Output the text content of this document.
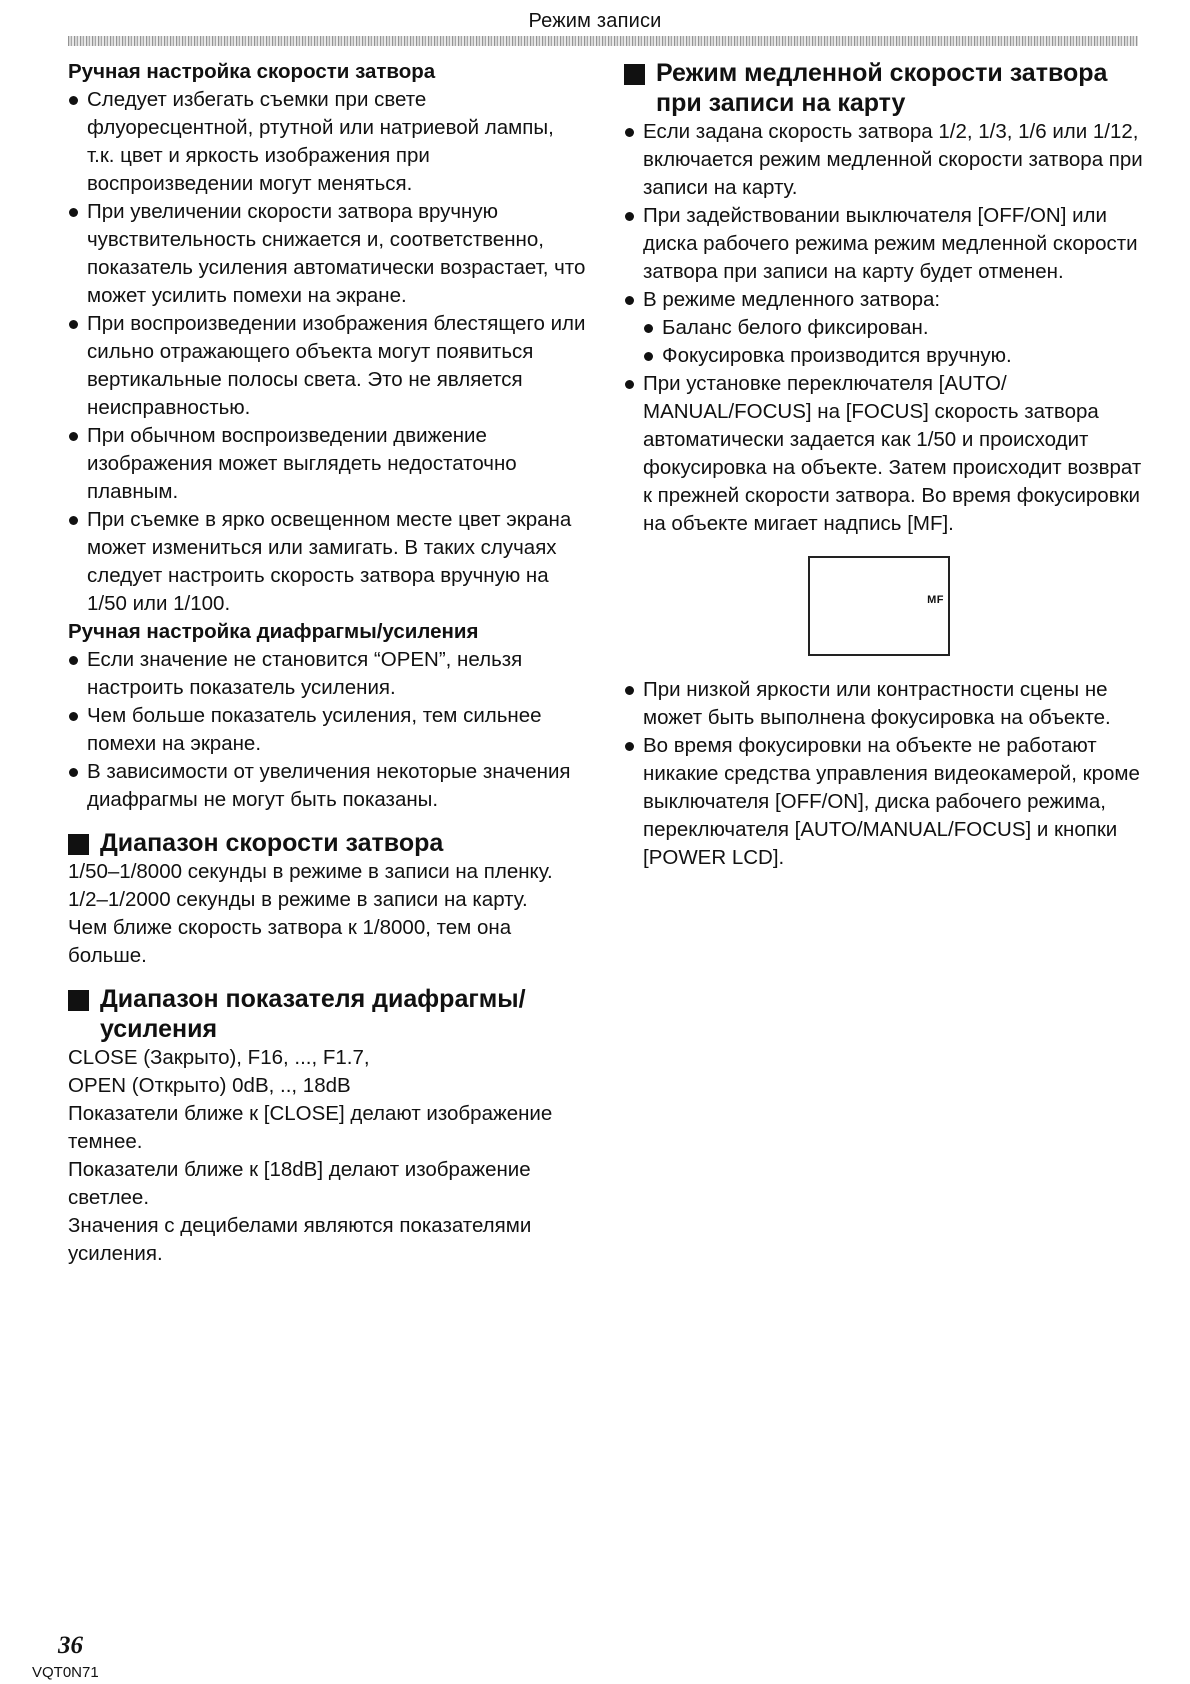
Режим записи
Ручная настройка скорости затвора
Следует избегать съемки при свете флуоресцентной, ртутной или натриевой лампы, т.к. цвет и яркость изображения при воспроизведении могут меняться.
При увеличении скорости затвора вручную чувствительность снижается и, соответственно, показатель усиления автоматически возрастает, что может усилить помехи на экране.
При воспроизведении изображения блестящего или сильно отражающего объекта могут появиться вертикальные полосы света. Это не является неисправностью.
При обычном воспроизведении движение изображения может выглядеть недостаточно плавным.
При съемке в ярко освещенном месте цвет экрана может измениться или замигать. В таких случаях следует настроить скорость затвора вручную на 1/50 или 1/100.
Ручная настройка диафрагмы/усиления
Если значение не становится “OPEN”, нельзя настроить показатель усиления.
Чем больше показатель усиления, тем сильнее помехи на экране.
В зависимости от увеличения некоторые значения диафрагмы не могут быть показаны.
Диапазон скорости затвора
1/50–1/8000 секунды в режиме в записи на пленку.
1/2–1/2000 секунды в режиме в записи на карту.
Чем ближе скорость затвора к 1/8000, тем она больше.
Диапазон показателя диафрагмы/ усиления
CLOSE (Закрыто), F16, ..., F1.7,
OPEN (Открыто) 0dB, .., 18dB
Показатели ближе к [CLOSE] делают изображение темнее.
Показатели ближе к [18dB] делают изображение светлее.
Значения с децибелами являются показателями усиления.
Режим медленной скорости затвора при записи на карту
Если задана скорость затвора 1/2, 1/3, 1/6 или 1/12, включается режим медленной скорости затвора при записи на карту.
При задействовании выключателя [OFF/ON] или диска рабочего режима режим медленной скорости затвора при записи на карту будет отменен.
В режиме медленного затвора:
Баланс белого фиксирован.
Фокусировка производится вручную.
При установке переключателя [AUTO/ MANUAL/FOCUS] на [FOCUS] скорость затвора автоматически задается как 1/50 и происходит фокусировка на объекте. Затем происходит возврат к прежней скорости затвора. Во время фокусировки на объекте мигает надпись [MF].
MF
При низкой яркости или контрастности сцены не может быть выполнена фокусировка на объекте.
Во время фокусировки на объекте не работают никакие средства управления видеокамерой, кроме выключателя [OFF/ON], диска рабочего режима, переключателя [AUTO/MANUAL/FOCUS] и кнопки [POWER LCD].
36
VQT0N71
